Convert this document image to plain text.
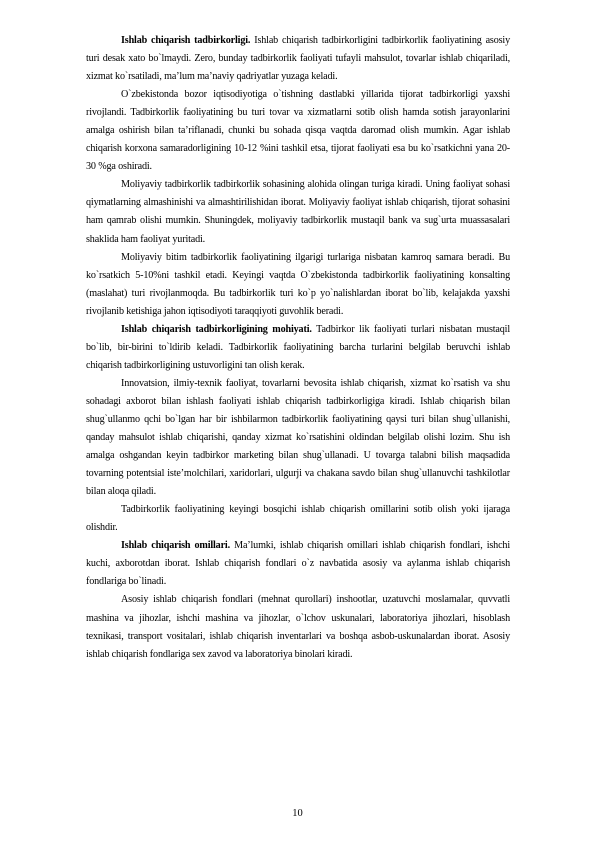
Ishlab chiqarish tadbirkorligi. Ishlab chiqarish tadbirkorligini tadbirkorlik faoliyatining asosiy turi desak xato bo`lmaydi. Zero, bunday tadbirkorlik faoliyati tufayli mahsulot, tovarlar ishlab chiqariladi, xizmat ko`rsatiladi, ma’lum ma’naviy qadriyatlar yuzaga keladi.

O`zbekistonda bozor iqtisodiyotiga o`tishning dastlabki yillarida tijorat tadbirkorligi yaxshi rivojlandi. Tadbirkorlik faoliyatining bu turi tovar va xizmatlarni sotib olish hamda sotish jarayonlarini amalga oshirish bilan ta’riflanadi, chunki bu sohada qisqa vaqtda daromad olish mumkin. Agar ishlab chiqarish korxona samaradorligining 10-12 %ini tashkil etsa, tijorat faoliyati esa bu ko`rsatkichni yana 20-30 %ga oshiradi.

Moliyaviy tadbirkorlik tadbirkorlik sohasining alohida olingan turiga kiradi. Uning faoliyat sohasi qiymatlarning almashinishi va almashtirilishidan iborat. Moliyaviy faoliyat ishlab chiqarish, tijorat sohasini ham qamrab olishi mumkin. Shuningdek, moliyaviy tadbirkorlik mustaqil bank va sug`urta muassasalari shaklida ham faoliyat yuritadi.

Moliyaviy bitim tadbirkorlik faoliyatining ilgarigi turlariga nisbatan kamroq samara beradi. Bu ko`rsatkich 5-10%ni tashkil etadi. Keyingi vaqtda O`zbekistonda tadbirkorlik faoliyatining konsalting (maslahat) turi rivojlanmoqda. Bu tadbirkorlik turi ko`p yo`nalishlardan iborat bo`lib, kelajakda yaxshi rivojlanib ketishiga jahon iqtisodiyoti taraqqiyoti guvohlik beradi.

Ishlab chiqarish tadbirkorligining mohiyati. Tadbirkor lik faoliyati turlari nisbatan mustaqil bo`lib, bir-birini to`ldirib keladi. Tadbirkorlik faoliyatining barcha turlarini belgilab beruvchi ishlab chiqarish tadbirkorligining ustuvorligini tan olish kerak.

Innovatsion, ilmiy-texnik faoliyat, tovarlarni bevosita ishlab chiqarish, xizmat ko`rsatish va shu sohadagi axborot bilan ishlash faoliyati ishlab chiqarish tadbirkorligiga kiradi. Ishlab chiqarish bilan shug`ullanmo qchi bo`lgan har bir ishbilarmon tadbirkorlik faoliyatining qaysi turi bilan shug`ullanishi, qanday mahsulot ishlab chiqarishi, qanday xizmat ko`rsatishini oldindan belgilab olishi lozim. Shu ish amalga oshgandan keyin tadbirkor marketing bilan shug`ullanadi. U tovarga talabni bilish maqsadida tovarning potentsial iste’molchilari, xaridorlari, ulgurji va chakana savdo bilan shug`ullanuvchi tashkilotlar bilan aloqa qiladi.

Tadbirkorlik faoliyatining keyingi bosqichi ishlab chiqarish omillarini sotib olish yoki ijaraga olishdir.

Ishlab chiqarish omillari. Ma’lumki, ishlab chiqarish omillari ishlab chiqarish fondlari, ishchi kuchi, axborotdan iborat. Ishlab chiqarish fondlari o`z navbatida asosiy va aylanma ishlab chiqarish fondlariga bo`linadi.

Asosiy ishlab chiqarish fondlari (mehnat qurollari) inshootlar, uzatuvchi moslamalar, quvvatli mashina va jihozlar, ishchi mashina va jihozlar, o`lchov uskunalari, laboratoriya jihozlari, hisoblash texnikasi, transport vositalari, ishlab chiqarish inventarlari va boshqa asbob-uskunalardan iborat. Asosiy ishlab chiqarish fondlariga sex zavod va laboratoriya binolari kiradi.

10
